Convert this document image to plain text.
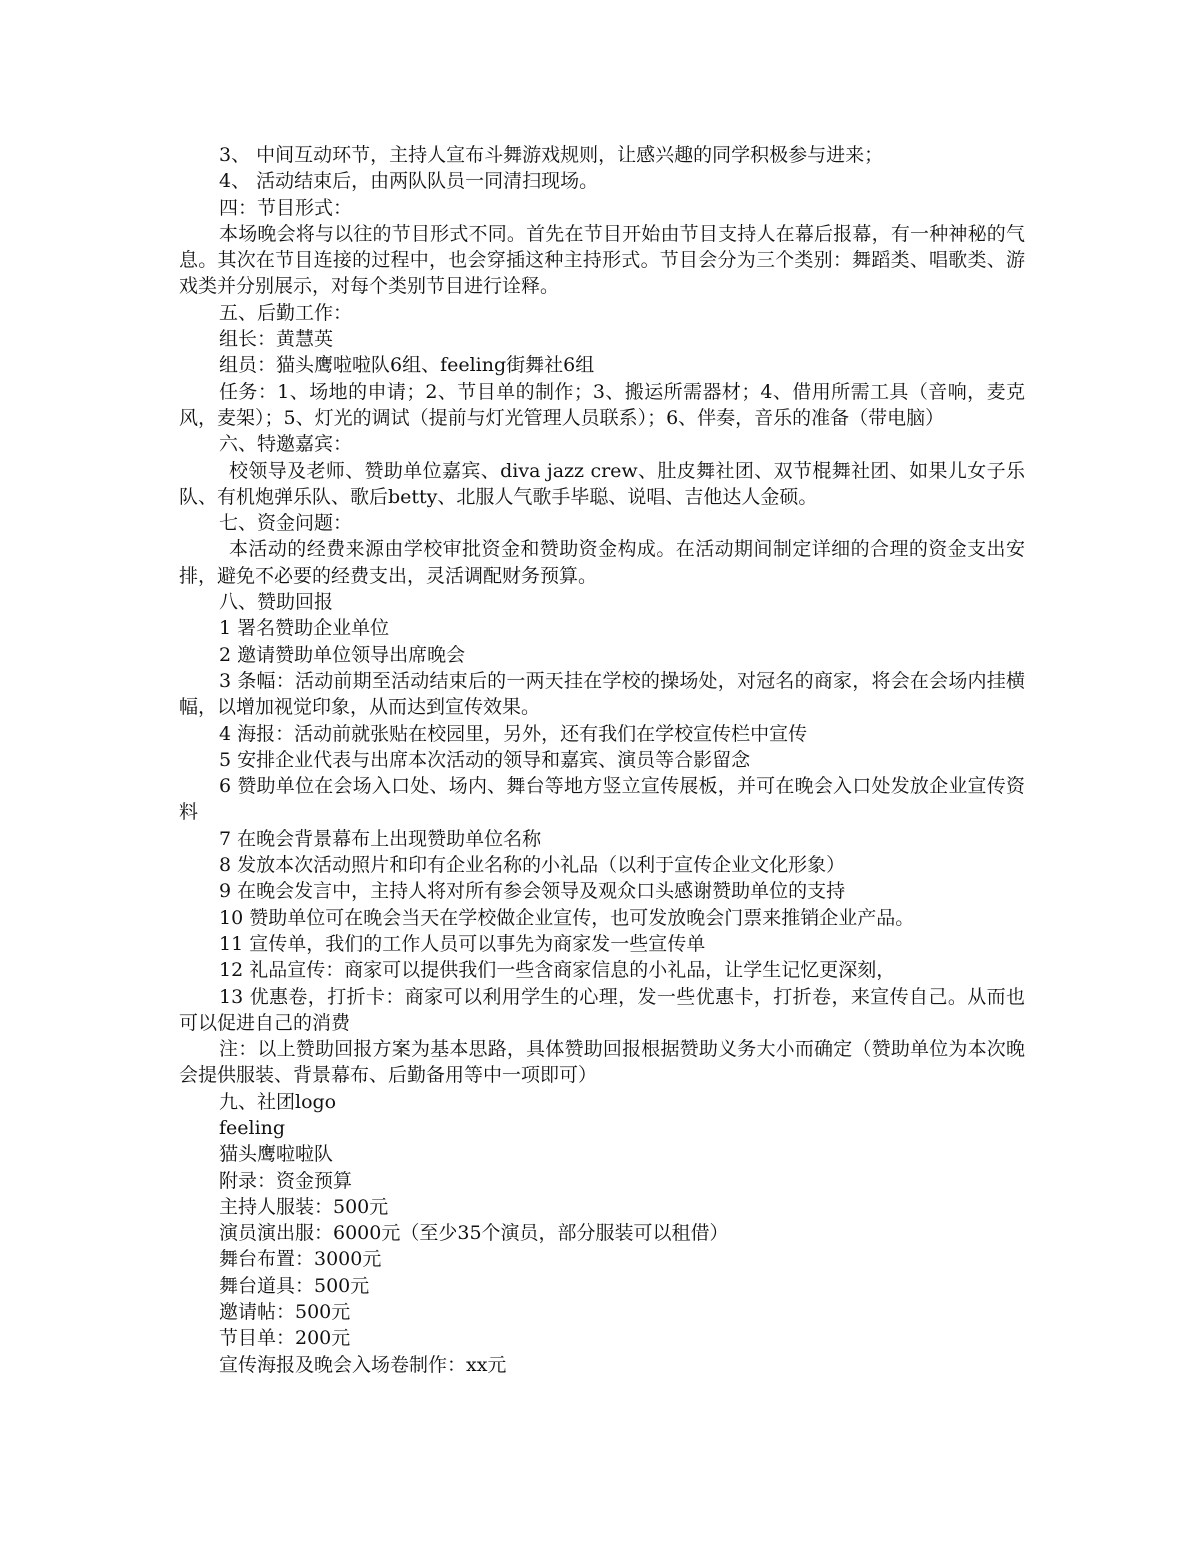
3、 中间互动环节，主持人宣布斗舞游戏规则，让感兴趣的同学积极参与进来；

4、 活动结束后，由两队队员一同清扫现场。

四：节目形式：

本场晚会将与以往的节目形式不同。首先在节目开始由节目支持人在幕后报幕，有一种神秘的气息。其次在节目连接的过程中，也会穿插这种主持形式。节目会分为三个类别：舞蹈类、唱歌类、游戏类并分别展示，对每个类别节目进行诠释。

五、后勤工作：

组长：黄慧英

组员：猫头鹰啦啦队6组、feeling街舞社6组

任务：1、场地的申请；2、节目单的制作；3、搬运所需器材；4、借用所需工具（音响，麦克风，麦架）；5、灯光的调试（提前与灯光管理人员联系）；6、伴奏，音乐的准备（带电脑）

六、特邀嘉宾：

校领导及老师、赞助单位嘉宾、diva jazz crew、肚皮舞社团、双节棍舞社团、如果儿女子乐队、有机炮弹乐队、歌后betty、北服人气歌手毕聪、说唱、吉他达人金硕。

七、资金问题：

本活动的经费来源由学校审批资金和赞助资金构成。在活动期间制定详细的合理的资金支出安排，避免不必要的经费支出，灵活调配财务预算。

八、赞助回报

1 署名赞助企业单位

2 邀请赞助单位领导出席晚会

3 条幅：活动前期至活动结束后的一两天挂在学校的操场处，对冠名的商家，将会在会场内挂横幅，以增加视觉印象，从而达到宣传效果。

4 海报：活动前就张贴在校园里，另外，还有我们在学校宣传栏中宣传

5 安排企业代表与出席本次活动的领导和嘉宾、演员等合影留念

6 赞助单位在会场入口处、场内、舞台等地方竖立宣传展板，并可在晚会入口处发放企业宣传资料

7 在晚会背景幕布上出现赞助单位名称

8 发放本次活动照片和印有企业名称的小礼品（以利于宣传企业文化形象）

9 在晚会发言中，主持人将对所有参会领导及观众口头感谢赞助单位的支持

10 赞助单位可在晚会当天在学校做企业宣传，也可发放晚会门票来推销企业产品。

11 宣传单，我们的工作人员可以事先为商家发一些宣传单

12 礼品宣传：商家可以提供我们一些含商家信息的小礼品，让学生记忆更深刻，

13 优惠卷，打折卡：商家可以利用学生的心理，发一些优惠卡，打折卷，来宣传自己。从而也可以促进自己的消费

注：以上赞助回报方案为基本思路，具体赞助回报根据赞助义务大小而确定（赞助单位为本次晚会提供服装、背景幕布、后勤备用等中一项即可）

九、社团logo

feeling

猫头鹰啦啦队

附录：资金预算

主持人服装：500元

演员演出服：6000元（至少35个演员，部分服装可以租借）

舞台布置：3000元

舞台道具：500元

邀请帖：500元

节目单：200元

宣传海报及晚会入场卷制作：xx元
